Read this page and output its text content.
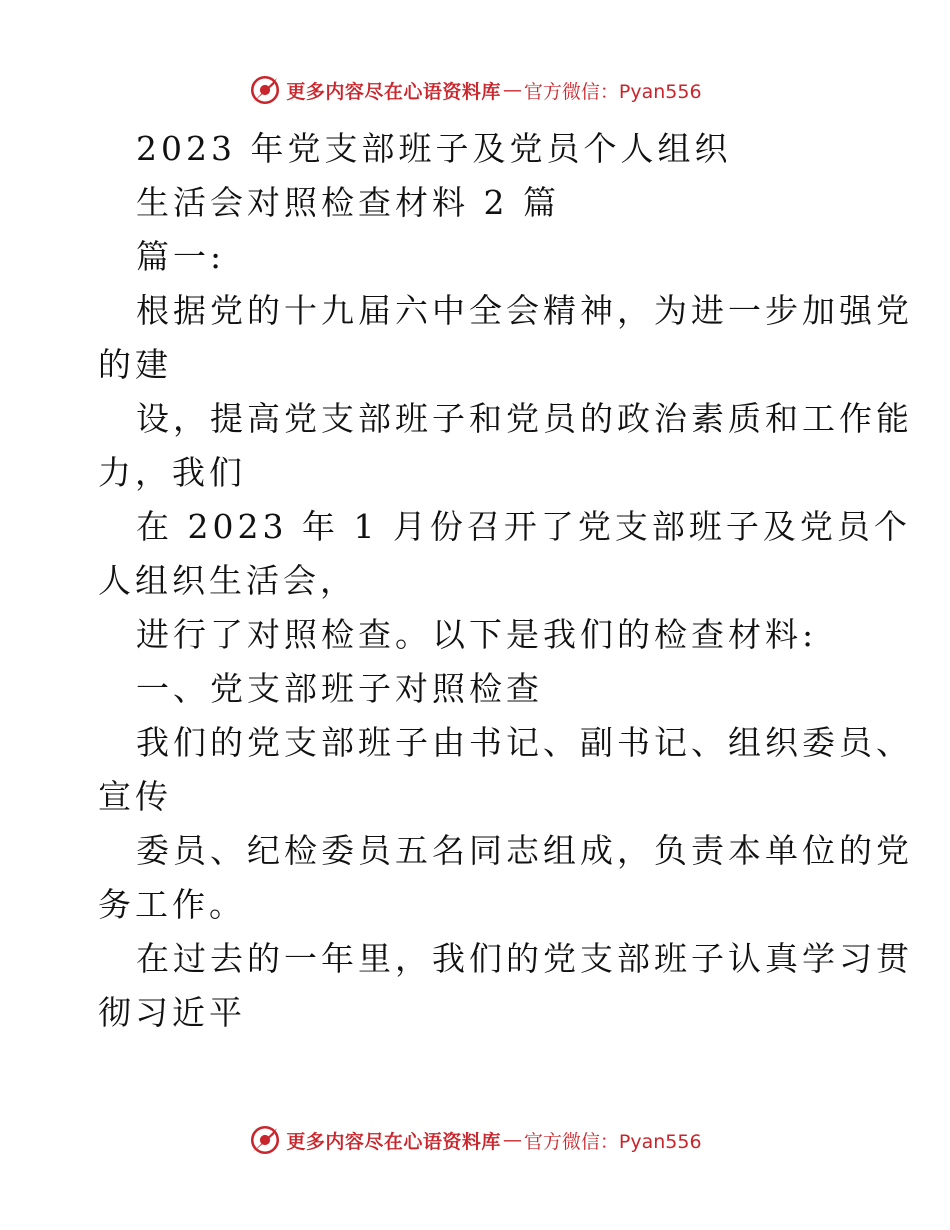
更多内容尽在心语资料库 — 官方微信：Pyan556
2023 年党支部班子及党员个人组织
生活会对照检查材料 2 篇
篇一:
根据党的十九届六中全会精神，为进一步加强党
的建
设，提高党支部班子和党员的政治素质和工作能
力，我们
在 2023 年 1 月份召开了党支部班子及党员个
人组织生活会，
进行了对照检查。以下是我们的检查材料:
一、党支部班子对照检查
我们的党支部班子由书记、副书记、组织委员、
宣传
委员、纪检委员五名同志组成，负责本单位的党
务工作。
在过去的一年里，我们的党支部班子认真学习贯
彻习近平
更多内容尽在心语资料库 — 官方微信：Pyan556
